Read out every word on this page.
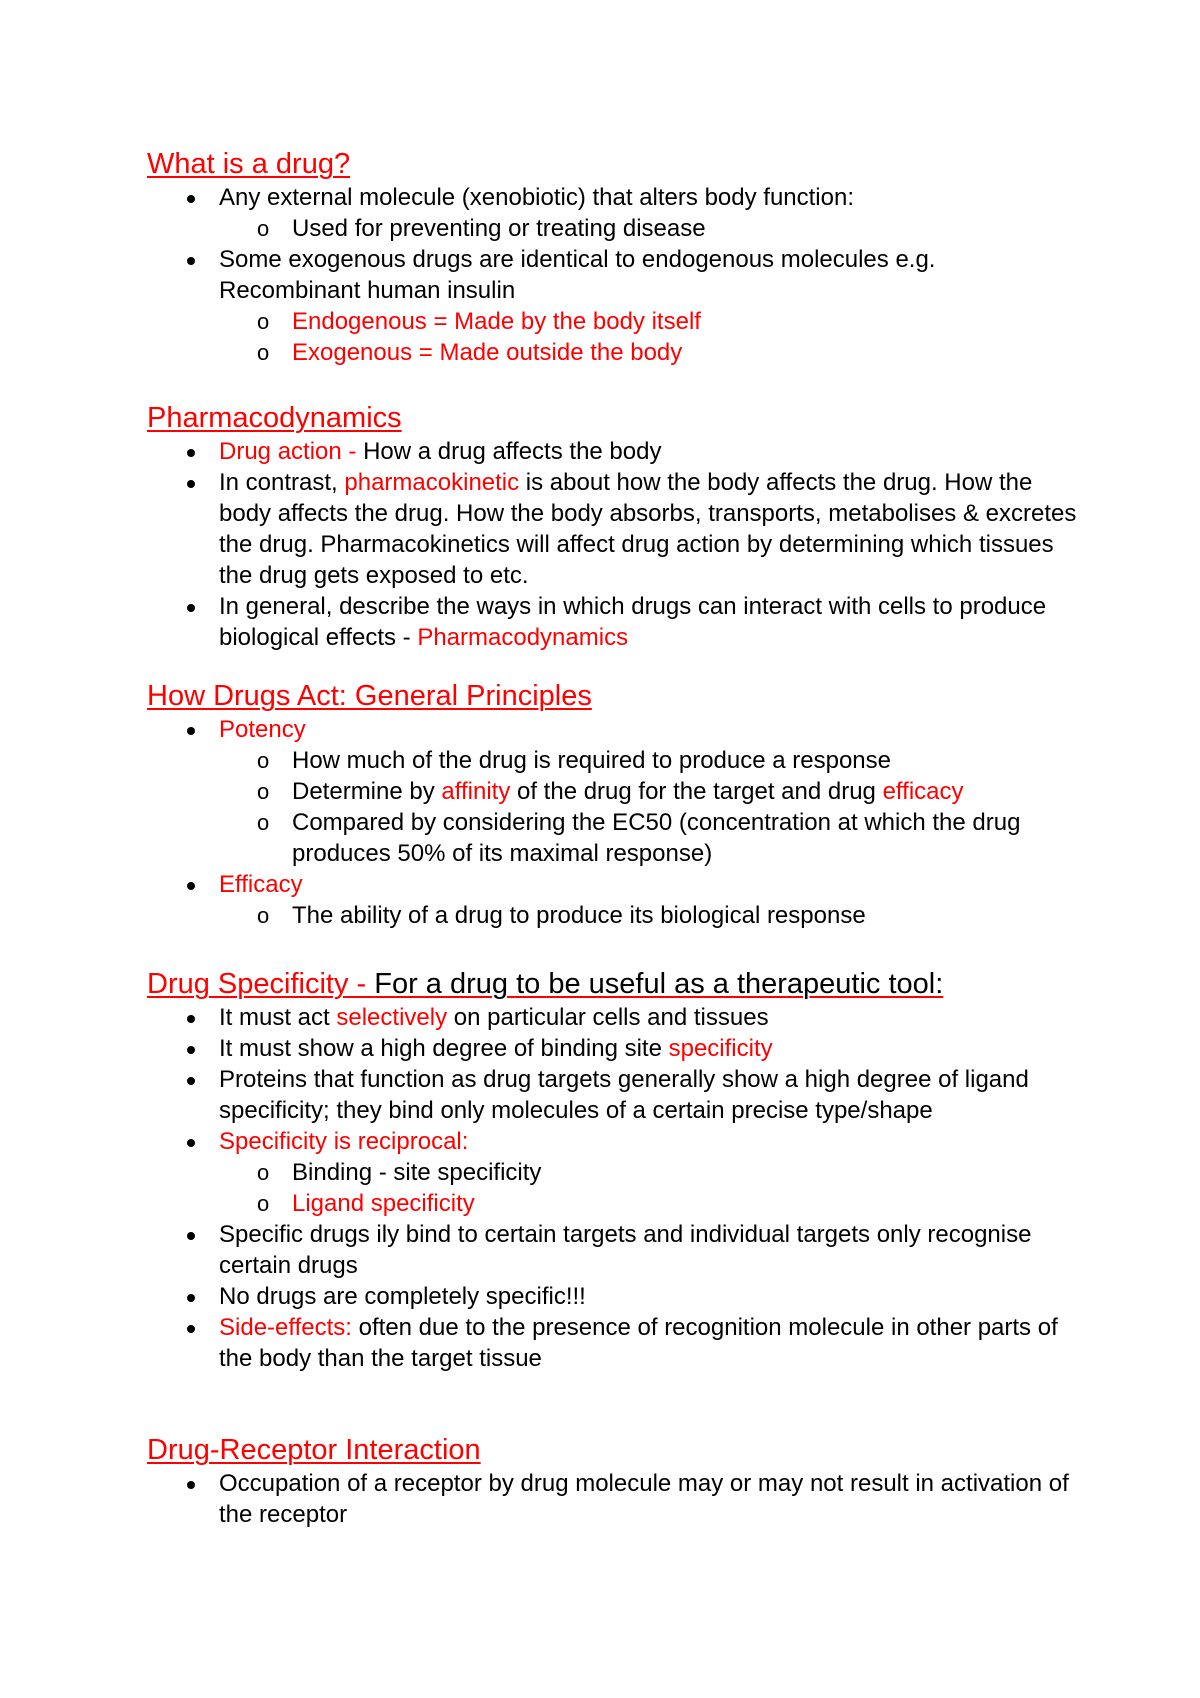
What is a drug?
Any external molecule (xenobiotic) that alters body function:
o Used for preventing or treating disease
Some exogenous drugs are identical to endogenous molecules e.g. Recombinant human insulin
o Endogenous = Made by the body itself
o Exogenous = Made outside the body
Pharmacodynamics
Drug action - How a drug affects the body
In contrast, pharmacokinetic is about how the body affects the drug. How the body affects the drug. How the body absorbs, transports, metabolises & excretes the drug. Pharmacokinetics will affect drug action by determining which tissues the drug gets exposed to etc.
In general, describe the ways in which drugs can interact with cells to produce biological effects - Pharmacodynamics
How Drugs Act: General Principles
Potency
o How much of the drug is required to produce a response
o Determine by affinity of the drug for the target and drug efficacy
o Compared by considering the EC50 (concentration at which the drug produces 50% of its maximal response)
Efficacy
o The ability of a drug to produce its biological response
Drug Specificity - For a drug to be useful as a therapeutic tool:
It must act selectively on particular cells and tissues
It must show a high degree of binding site specificity
Proteins that function as drug targets generally show a high degree of ligand specificity; they bind only molecules of a certain precise type/shape
Specificity is reciprocal:
o Binding - site specificity
o Ligand specificity
Specific drugs ily bind to certain targets and individual targets only recognise certain drugs
No drugs are completely specific!!!
Side-effects: often due to the presence of recognition molecule in other parts of the body than the target tissue
Drug-Receptor Interaction
Occupation of a receptor by drug molecule may or may not result in activation of the receptor
